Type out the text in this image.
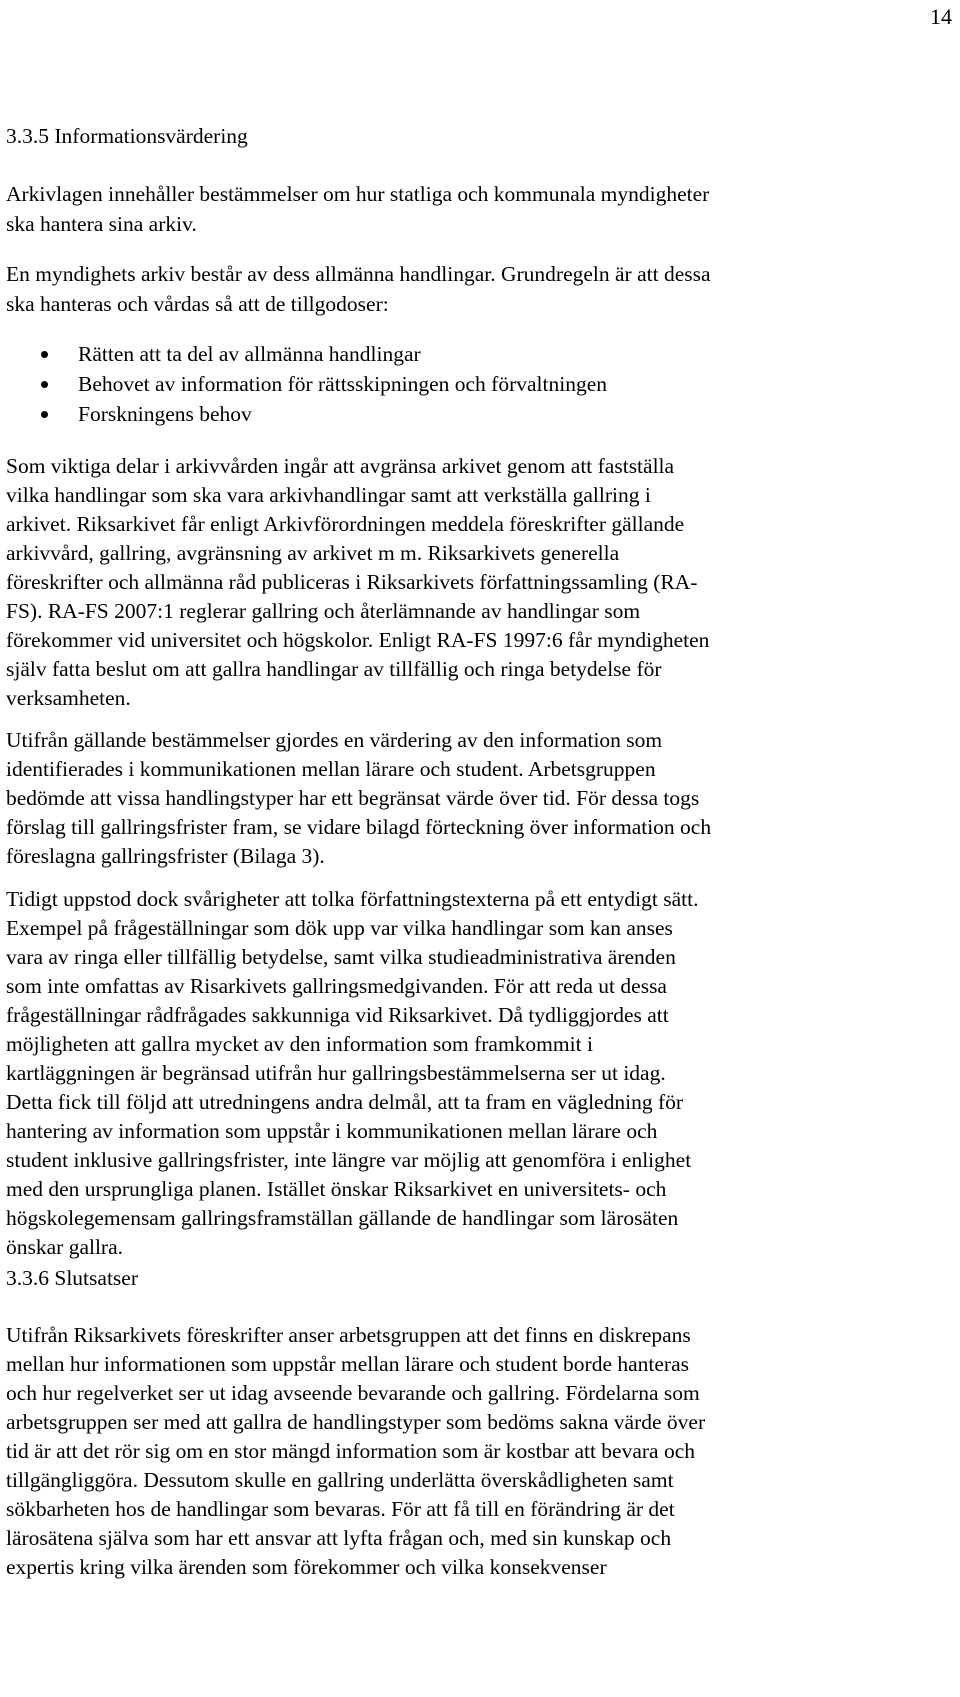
14
3.3.5 Informationsvärdering
Arkivlagen innehåller bestämmelser om hur statliga och kommunala myndigheter
ska hantera sina arkiv.
En myndighets arkiv består av dess allmänna handlingar. Grundregeln är att dessa
ska hanteras och vårdas så att de tillgodoser:
Rätten att ta del av allmänna handlingar
Behovet av information för rättsskipningen och förvaltningen
Forskningens behov
Som viktiga delar i arkivvården ingår att avgränsa arkivet genom att fastställa
vilka handlingar som ska vara arkivhandlingar samt att verkställa gallring i
arkivet. Riksarkivet får enligt Arkivförordningen meddela föreskrifter gällande
arkivvård, gallring, avgränsning av arkivet m m. Riksarkivets generella
föreskrifter och allmänna råd publiceras i Riksarkivets författningssamling (RA-
FS). RA-FS 2007:1 reglerar gallring och återlämnande av handlingar som
förekommer vid universitet och högskolor. Enligt RA-FS 1997:6 får myndigheten
själv fatta beslut om att gallra handlingar av tillfällig och ringa betydelse för
verksamheten.
Utifrån gällande bestämmelser gjordes en värdering av den information som
identifierades i kommunikationen mellan lärare och student. Arbetsgruppen
bedömde att vissa handlingstyper har ett begränsat värde över tid. För dessa togs
förslag till gallringsfrister fram, se vidare bilagd förteckning över information och
föreslagna gallringsfrister (Bilaga 3).
Tidigt uppstod dock svårigheter att tolka författningstexterna på ett entydigt sätt.
Exempel på frågeställningar som dök upp var vilka handlingar som kan anses
vara av ringa eller tillfällig betydelse, samt vilka studieadministrativa ärenden
som inte omfattas av Risarkivets gallringsmedgivanden. För att reda ut dessa
frågeställningar rådfrågades sakkunniga vid Riksarkivet. Då tydliggjordes att
möjligheten att gallra mycket av den information som framkommit i
kartläggningen är begränsad utifrån hur gallringsbestämmelserna ser ut idag.
Detta fick till följd att utredningens andra delmål, att ta fram en vägledning för
hantering av information som uppstår i kommunikationen mellan lärare och
student inklusive gallringsfrister, inte längre var möjlig att genomföra i enlighet
med den ursprungliga planen. Istället önskar Riksarkivet en universitets- och
högskolegemensam gallringsframställan gällande de handlingar som lärosäten
önskar gallra.
3.3.6 Slutsatser
Utifrån Riksarkivets föreskrifter anser arbetsgruppen att det finns en diskrepans
mellan hur informationen som uppstår mellan lärare och student borde hanteras
och hur regelverket ser ut idag avseende bevarande och gallring. Fördelarna som
arbetsgruppen ser med att gallra de handlingstyper som bedöms sakna värde över
tid är att det rör sig om en stor mängd information som är kostbar att bevara och
tillgängliggöra. Dessutom skulle en gallring underlätta överskådligheten samt
sökbarheten hos de handlingar som bevaras. För att få till en förändring är det
lärosätena själva som har ett ansvar att lyfta frågan och, med sin kunskap och
expertis kring vilka ärenden som förekommer och vilka konsekvenser
